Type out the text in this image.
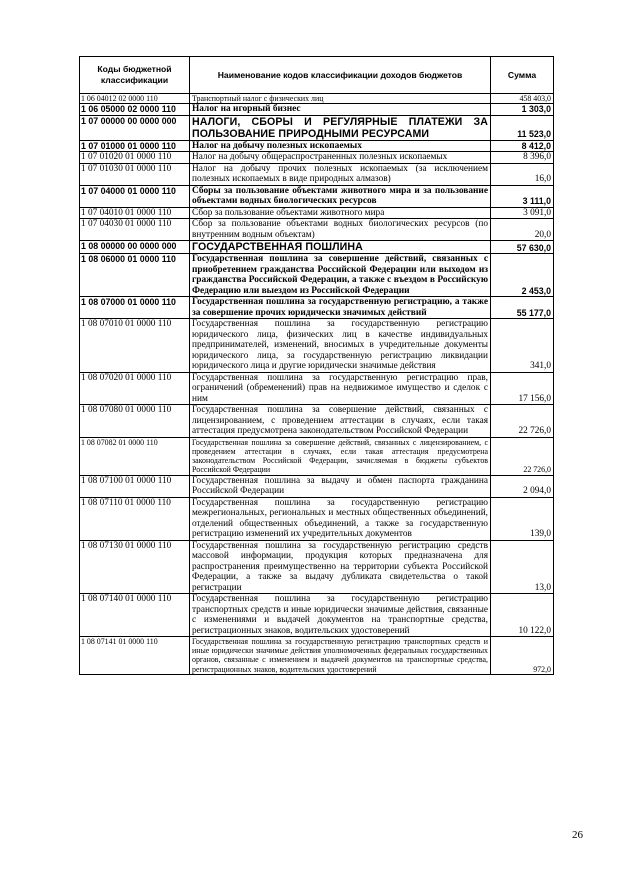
Коды бюджетной классификации	Наименование кодов классификации доходов бюджетов	Сумма
1 06 04012 02 0000 110	Транспортный налог с физических лиц	458 403,0
1 06 05000 02 0000 110	Налог на игорный бизнес	1 303,0
1 07 00000 00 0000 000	НАЛОГИ, СБОРЫ И РЕГУЛЯРНЫЕ ПЛАТЕЖИ ЗА ПОЛЬЗОВАНИЕ ПРИРОДНЫМИ РЕСУРСАМИ	11 523,0
1 07 01000 01 0000 110	Налог на добычу полезных ископаемых	8 412,0
1 07 01020 01 0000 110	Налог на добычу общераспространенных полезных ископаемых	8 396,0
1 07 01030 01 0000 110	Налог на добычу прочих полезных ископаемых (за исключением полезных ископаемых в виде природных алмазов)	16,0
1 07 04000 01 0000 110	Сборы за пользование объектами животного мира и за пользование объектами водных биологических ресурсов	3 111,0
1 07 04010 01 0000 110	Сбор за пользование объектами животного мира	3 091,0
1 07 04030 01 0000 110	Сбор за пользование объектами водных биологических ресурсов (по внутренним водным объектам)	20,0
1 08 00000 00 0000 000	ГОСУДАРСТВЕННАЯ ПОШЛИНА	57 630,0
1 08 06000 01 0000 110	Государственная пошлина за совершение действий, связанных с приобретением гражданства Российской Федерации или выходом из гражданства Российской Федерации, а также с въездом в Российскую Федерацию или выездом из Российской Федерации	2 453,0
1 08 07000 01 0000 110	Государственная пошлина за государственную регистрацию, а также за совершение прочих юридически значимых действий	55 177,0
1 08 07010 01 0000 110	Государственная пошлина за государственную регистрацию юридического лица, физических лиц в качестве индивидуальных предпринимателей, изменений, вносимых в учредительные документы юридического лица, за государственную регистрацию ликвидации юридического лица и другие юридически значимые действия	341,0
1 08 07020 01 0000 110	Государственная пошлина за государственную регистрацию прав, ограничений (обременений) прав на недвижимое имущество и сделок с ним	17 156,0
1 08 07080 01 0000 110	Государственная пошлина за совершение действий, связанных с лицензированием, с проведением аттестации в случаях, если такая аттестация предусмотрена законодательством Российской Федерации	22 726,0
1 08 07082 01 0000 110	Государственная пошлина за совершение действий, связанных с лицензированием, с проведением аттестации в случаях, если такая аттестация предусмотрена законодательством Российской Федерации, зачисляемая в бюджеты субъектов Российской Федерации	22 726,0
1 08 07100 01 0000 110	Государственная пошлина за выдачу и обмен паспорта гражданина Российской Федерации	2 094,0
1 08 07110 01 0000 110	Государственная пошлина за государственную регистрацию межрегиональных, региональных и местных общественных объединений, отделений общественных объединений, а также за государственную регистрацию изменений их учредительных документов	139,0
1 08 07130 01 0000 110	Государственная пошлина за государственную регистрацию средств массовой информации, продукция которых предназначена для распространения преимущественно на территории субъекта Российской Федерации, а также за выдачу дубликата свидетельства о такой регистрации	13,0
1 08 07140 01 0000 110	Государственная пошлина за государственную регистрацию транспортных средств и иные юридически значимые действия, связанные с изменениями и выдачей документов на транспортные средства, регистрационных знаков, водительских удостоверений	10 122,0
1 08 07141 01 0000 110	Государственная пошлина за государственную регистрацию транспортных средств и иные юридически значимые действия уполномоченных федеральных государственных органов, связанные с изменением и выдачей документов на транспортные средства, регистрационных знаков, водительских удостоверений	972,0
26
